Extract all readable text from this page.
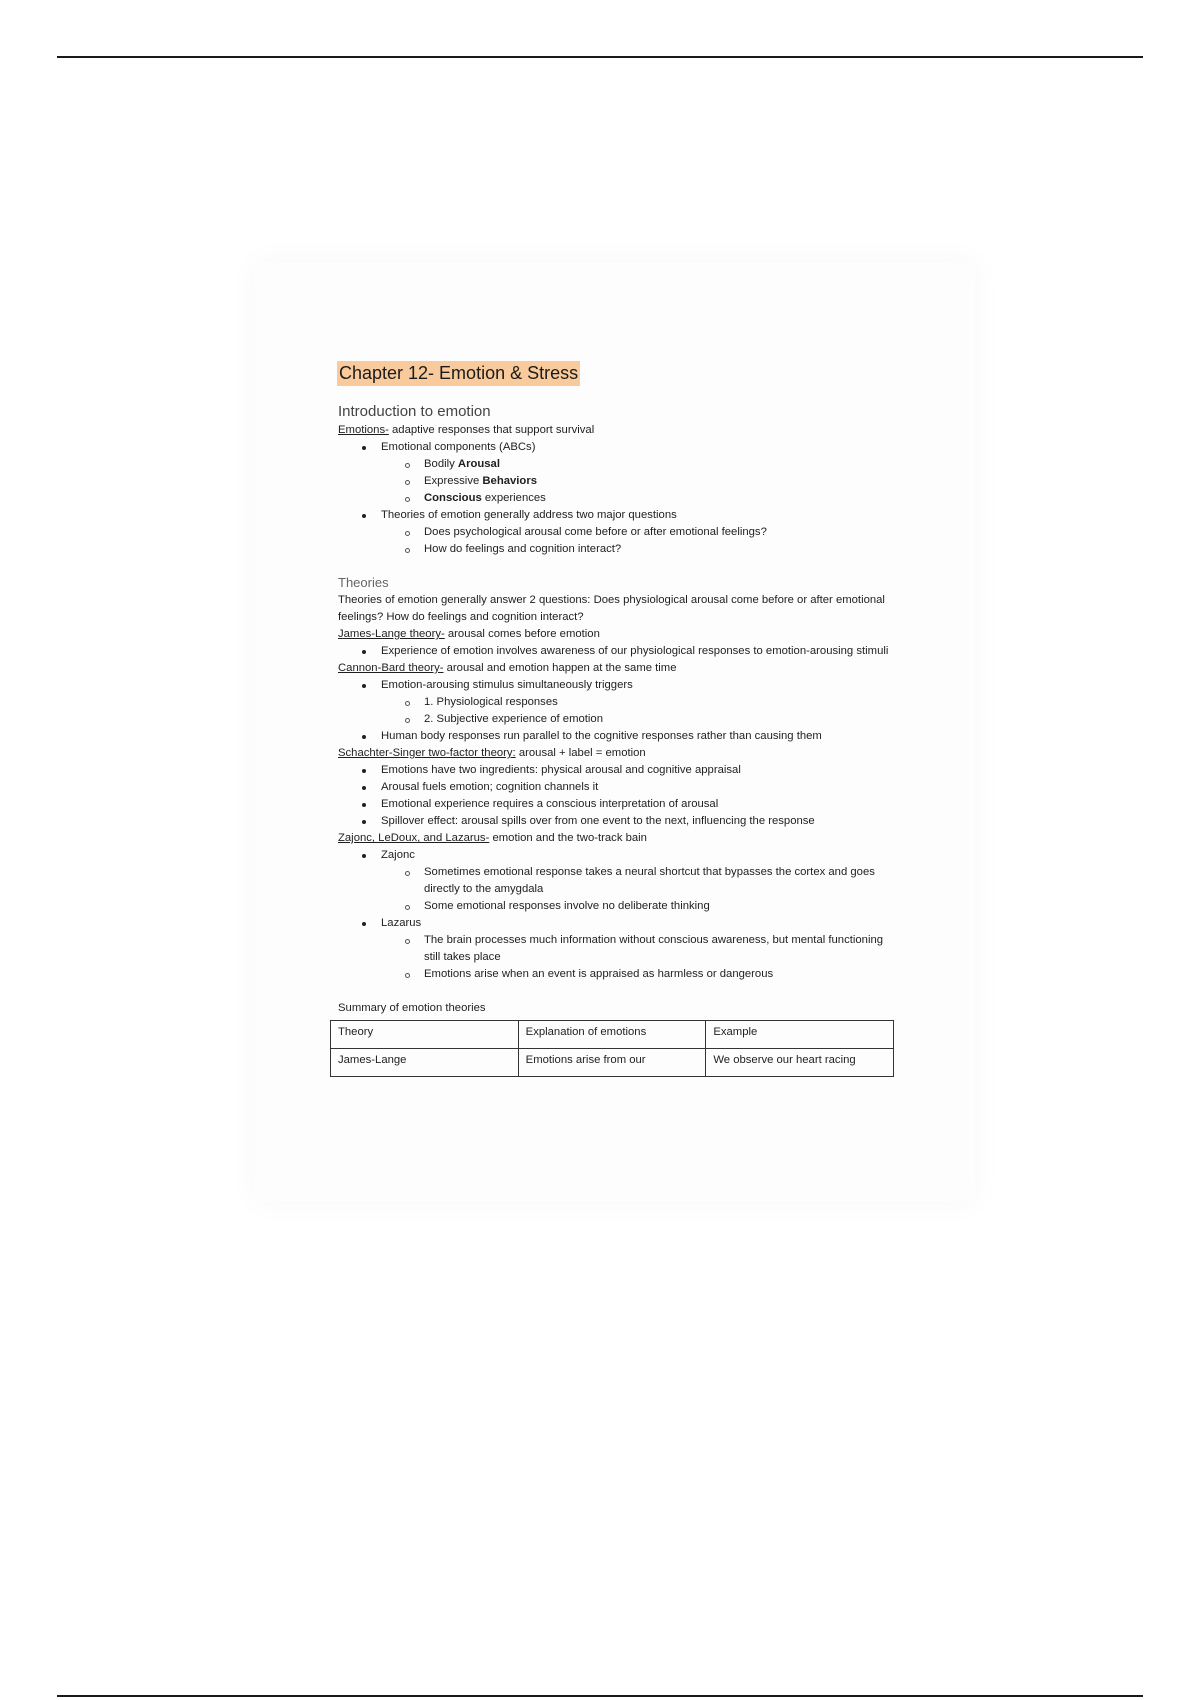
Chapter 12- Emotion & Stress
Introduction to emotion

Emotions- adaptive responses that support survival

Emotional components (ABCs)
Bodily Arousal
Expressive Behaviors
Conscious experiences
Theories of emotion generally address two major questions
Does psychological arousal come before or after emotional feelings?
How do feelings and cognition interact?
Theories

Theories of emotion generally answer 2 questions: Does physiological arousal come before or after emotional feelings? How do feelings and cognition interact?

James-Lange theory- arousal comes before emotion

Experience of emotion involves awareness of our physiological responses to emotion-arousing stimuli

Cannon-Bard theory- arousal and emotion happen at the same time

Emotion-arousing stimulus simultaneously triggers
1. Physiological responses
2. Subjective experience of emotion
Human body responses run parallel to the cognitive responses rather than causing them

Schachter-Singer two-factor theory: arousal + label = emotion

Emotions have two ingredients: physical arousal and cognitive appraisal
Arousal fuels emotion; cognition channels it
Emotional experience requires a conscious interpretation of arousal
Spillover effect: arousal spills over from one event to the next, influencing the response

Zajonc, LeDoux, and Lazarus- emotion and the two-track bain

Zajonc
Sometimes emotional response takes a neural shortcut that bypasses the cortex and goes directly to the amygdala
Some emotional responses involve no deliberate thinking
Lazarus
The brain processes much information without conscious awareness, but mental functioning still takes place
Emotions arise when an event is appraised as harmless or dangerous

Summary of emotion theories

Theory	Explanation of emotions	Example
James-Lange	Emotions arise from our	We observe our heart racing
